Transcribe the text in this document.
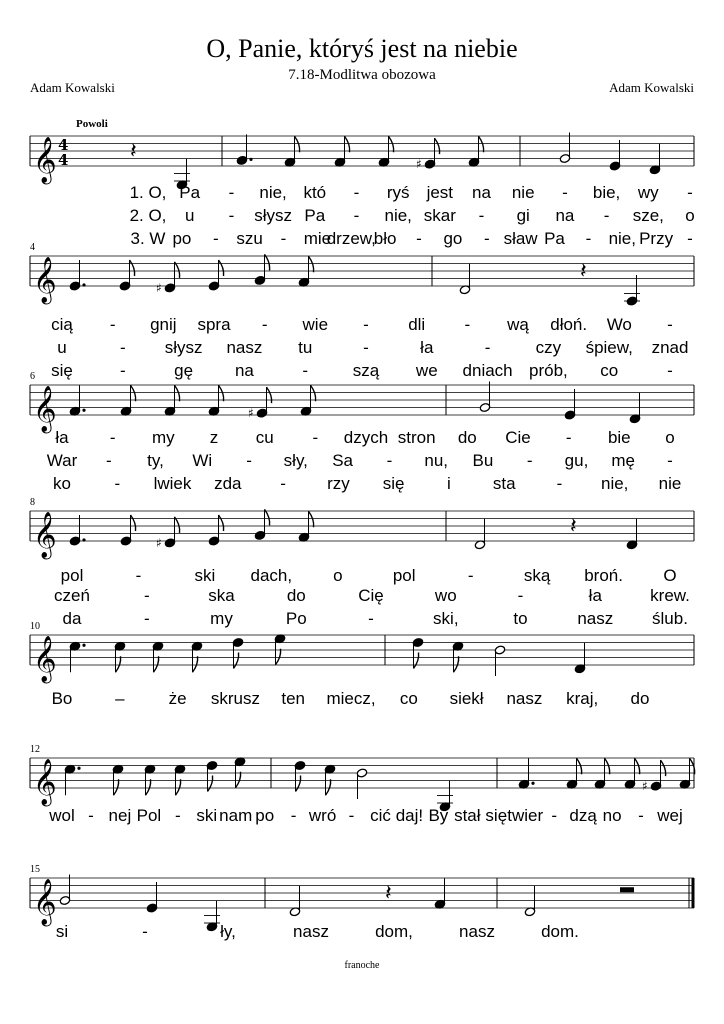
O, Panie, któryś jest na niebie
7.18-Modlitwa obozowa
Adam Kowalski	Adam Kowalski
Powoli
franoche
𝄞 4
4	𝄽
♯
1. O, Pa - nie, któ - ryś jest na nie - bie, wy -
2. O, u - słysz Pa - nie, skar - gi na - sze, o
3. W po - szu - mie
drzew,
bło - go - sław Pa - nie, Przy -
𝄞
4
♯
𝄽
cią - gnij spra - wie - dli - wą dłoń. Wo -
u	- słysz nasz tu	-	ła	-	czy śpiew, znad
się	-	gę na	-	szą we dniach prób, co	-
𝄞
6
♯
ła - my z cu - dzych stron do Cie - bie o
War - ty, Wi - sły, Sa - nu, Bu - gu, mę -
ko	- lwiek zda - rzy się	i sta - nie, nie
𝄞
8
♯
𝄽
pol	-	ski dach, o	pol	-	ską broń. O
czeń	-	ska	do	Cię	wo	-	ła	krew.
da	-	my	Po	-	ski,	to	nasz ślub.
𝄞
10
Bo	–	że skrusz ten miecz, co siekł nasz kraj, do
𝄞
12
♯
wol - nej Pol - ski nam po - wró - cić daj! By stał się twier - dzą no - wej
𝄞
15
𝄽
si	-	ły,	nasz	dom,	nasz	dom.
